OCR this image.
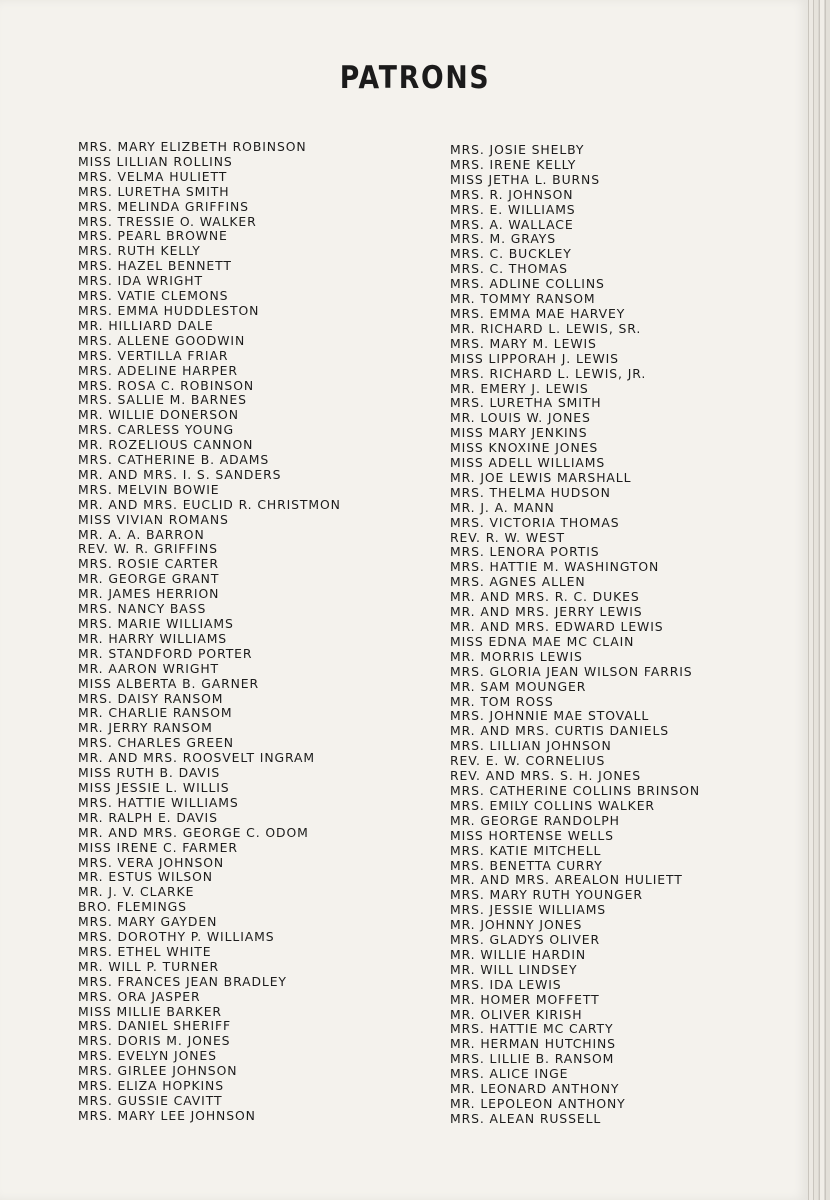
PATRONS
MRS. MARY ELIZBETH ROBINSON
MISS LILLIAN ROLLINS
MRS. VELMA HULIETT
MRS. LURETHA SMITH
MRS. MELINDA GRIFFINS
MRS. TRESSIE O. WALKER
MRS. PEARL BROWNE
MRS. RUTH KELLY
MRS. HAZEL BENNETT
MRS. IDA WRIGHT
MRS. VATIE CLEMONS
MRS. EMMA HUDDLESTON
MR. HILLIARD DALE
MRS. ALLENE GOODWIN
MRS. VERTILLA FRIAR
MRS. ADELINE HARPER
MRS. ROSA C. ROBINSON
MRS. SALLIE M. BARNES
MR. WILLIE DONERSON
MRS. CARLESS YOUNG
MR. ROZELIOUS CANNON
MRS. CATHERINE B. ADAMS
MR. AND MRS. I. S. SANDERS
MRS. MELVIN BOWIE
MR. AND MRS. EUCLID R. CHRISTMON
MISS VIVIAN ROMANS
MR. A. A. BARRON
REV. W. R. GRIFFINS
MRS. ROSIE CARTER
MR. GEORGE GRANT
MR. JAMES HERRION
MRS. NANCY BASS
MRS. MARIE WILLIAMS
MR. HARRY WILLIAMS
MR. STANDFORD PORTER
MR. AARON WRIGHT
MISS ALBERTA B. GARNER
MRS. DAISY RANSOM
MR. CHARLIE RANSOM
MR. JERRY RANSOM
MRS. CHARLES GREEN
MR. AND MRS. ROOSVELT INGRAM
MISS RUTH B. DAVIS
MISS JESSIE L. WILLIS
MRS. HATTIE WILLIAMS
MR. RALPH E. DAVIS
MR. AND MRS. GEORGE C. ODOM
MISS IRENE C. FARMER
MRS. VERA JOHNSON
MR. ESTUS WILSON
MR. J. V. CLARKE
BRO. FLEMINGS
MRS. MARY GAYDEN
MRS. DOROTHY P. WILLIAMS
MRS. ETHEL WHITE
MR. WILL P. TURNER
MRS. FRANCES JEAN BRADLEY
MRS. ORA JASPER
MISS MILLIE BARKER
MRS. DANIEL SHERIFF
MRS. DORIS M. JONES
MRS. EVELYN JONES
MRS. GIRLEE JOHNSON
MRS. ELIZA HOPKINS
MRS. GUSSIE CAVITT
MRS. MARY LEE JOHNSON
MRS. JOSIE SHELBY
MRS. IRENE KELLY
MISS JETHA L. BURNS
MRS. R. JOHNSON
MRS. E. WILLIAMS
MRS. A. WALLACE
MRS. M. GRAYS
MRS. C. BUCKLEY
MRS. C. THOMAS
MRS. ADLINE COLLINS
MR. TOMMY RANSOM
MRS. EMMA MAE HARVEY
MR. RICHARD L. LEWIS, SR.
MRS. MARY M. LEWIS
MISS LIPPORAH J. LEWIS
MRS. RICHARD L. LEWIS, JR.
MR. EMERY J. LEWIS
MRS. LURETHA SMITH
MR. LOUIS W. JONES
MISS MARY JENKINS
MISS KNOXINE JONES
MISS ADELL WILLIAMS
MR. JOE LEWIS MARSHALL
MRS. THELMA HUDSON
MR. J. A. MANN
MRS. VICTORIA THOMAS
REV. R. W. WEST
MRS. LENORA PORTIS
MRS. HATTIE M. WASHINGTON
MRS. AGNES ALLEN
MR. AND MRS. R. C. DUKES
MR. AND MRS. JERRY LEWIS
MR. AND MRS. EDWARD LEWIS
MISS EDNA MAE MC CLAIN
MR. MORRIS LEWIS
MRS. GLORIA JEAN WILSON FARRIS
MR. SAM MOUNGER
MR. TOM ROSS
MRS. JOHNNIE MAE STOVALL
MR. AND MRS. CURTIS DANIELS
MRS. LILLIAN JOHNSON
REV. E. W. CORNELIUS
REV. AND MRS. S. H. JONES
MRS. CATHERINE COLLINS BRINSON
MRS. EMILY COLLINS WALKER
MR. GEORGE RANDOLPH
MISS HORTENSE WELLS
MRS. KATIE MITCHELL
MRS. BENETTA CURRY
MR. AND MRS. AREALON HULIETT
MRS. MARY RUTH YOUNGER
MRS. JESSIE WILLIAMS
MR. JOHNNY JONES
MRS. GLADYS OLIVER
MR. WILLIE HARDIN
MR. WILL LINDSEY
MRS. IDA LEWIS
MR. HOMER MOFFETT
MR. OLIVER KIRISH
MRS. HATTIE MC CARTY
MR. HERMAN HUTCHINS
MRS. LILLIE B. RANSOM
MRS. ALICE INGE
MR. LEONARD ANTHONY
MR. LEPOLEON ANTHONY
MRS. ALEAN RUSSELL
